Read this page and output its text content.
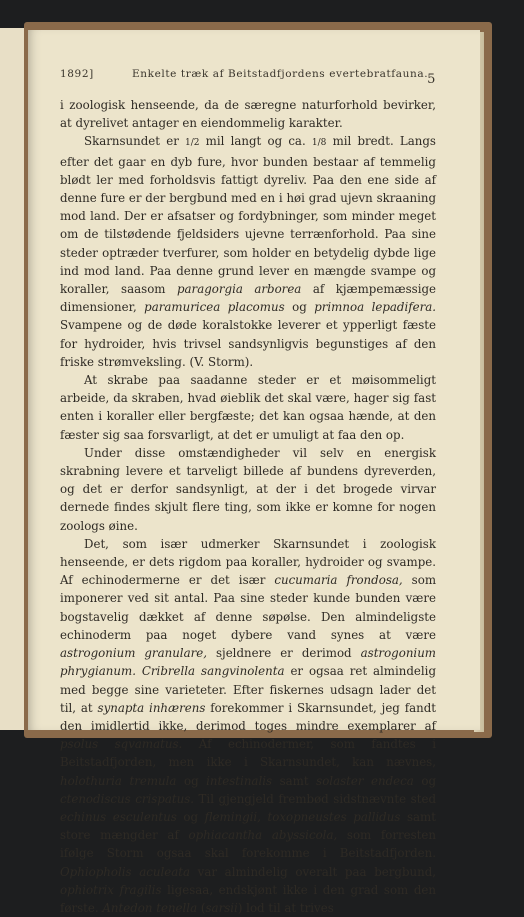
1892]	Enkelte træk af Beitstadfjordens evertebratfauna.
5

i zoologisk henseende, da de særegne naturforhold bevirker, at dyrelivet antager en eiendommelig karakter.

Skarnsundet er 1/2 mil langt og ca. 1/8 mil bredt. Langs efter det gaar en dyb fure, hvor bunden bestaar af temmelig blødt ler med forholdsvis fattigt dyreliv. Paa den ene side af denne fure er der bergbund med en i høi grad ujevn skraaning mod land. Der er afsatser og fordybninger, som minder meget om de tilstødende fjeldsiders ujevne terrænforhold. Paa sine steder optræder tverfurer, som holder en betydelig dybde lige ind mod land. Paa denne grund lever en mængde svampe og koraller, saasom paragorgia arborea af kjæmpemæssige dimensioner, paramuricea placomus og primnoa lepadifera. Svampene og de døde koralstokke leverer et ypperligt fæste for hydroider, hvis trivsel sandsynligvis begunstiges af den friske strømveksling. (V. Storm).

At skrabe paa saadanne steder er et møisommeligt arbeide, da skraben, hvad øieblik det skal være, hager sig fast enten i koraller eller bergfæste; det kan ogsaa hænde, at den fæster sig saa forsvarligt, at det er umuligt at faa den op.

Under disse omstændigheder vil selv en energisk skrabning levere et tarveligt billede af bundens dyreverden, og det er derfor sandsynligt, at der i det brogede virvar dernede findes skjult flere ting, som ikke er komne for nogen zoologs øine.

Det, som især udmerker Skarnsundet i zoologisk henseende, er dets rigdom paa koraller, hydroider og svampe. Af echinodermerne er det især cucumaria frondosa, som imponerer ved sit antal. Paa sine steder kunde bunden være bogstavelig dækket af denne søpølse. Den almindeligste echinoderm paa noget dybere vand synes at være astrogonium granulare, sjeldnere er derimod astrogonium phrygianum. Cribrella sangvinolenta er ogsaa ret almindelig med begge sine varieteter. Efter fiskernes udsagn lader det til, at synapta inhærens forekommer i Skarnsundet, jeg fandt den imidlertid ikke, derimod toges mindre exemplarer af psolus sqvamatus. Af echinodermer, som fandtes i Beitstadfjorden, men ikke i Skarnsundet, kan nævnes, holothuria tremula og intestinalis samt solaster endeca og ctenodiscus crispatus. Til gjengjeld frembød sidstnævnte sted echinus esculentus og flemingii, toxopneustes pallidus samt store mængder af ophiacantha abyssicola, som forresten ifølge Storm ogsaa skal forekomme i Beitstadfjorden. Ophiopholis aculeata var almindelig overalt paa bergbund, ophiotrix fragilis ligesaa, endskjønt ikke i den grad som den første. Antedon tenella (sarsii) lod til at trives
